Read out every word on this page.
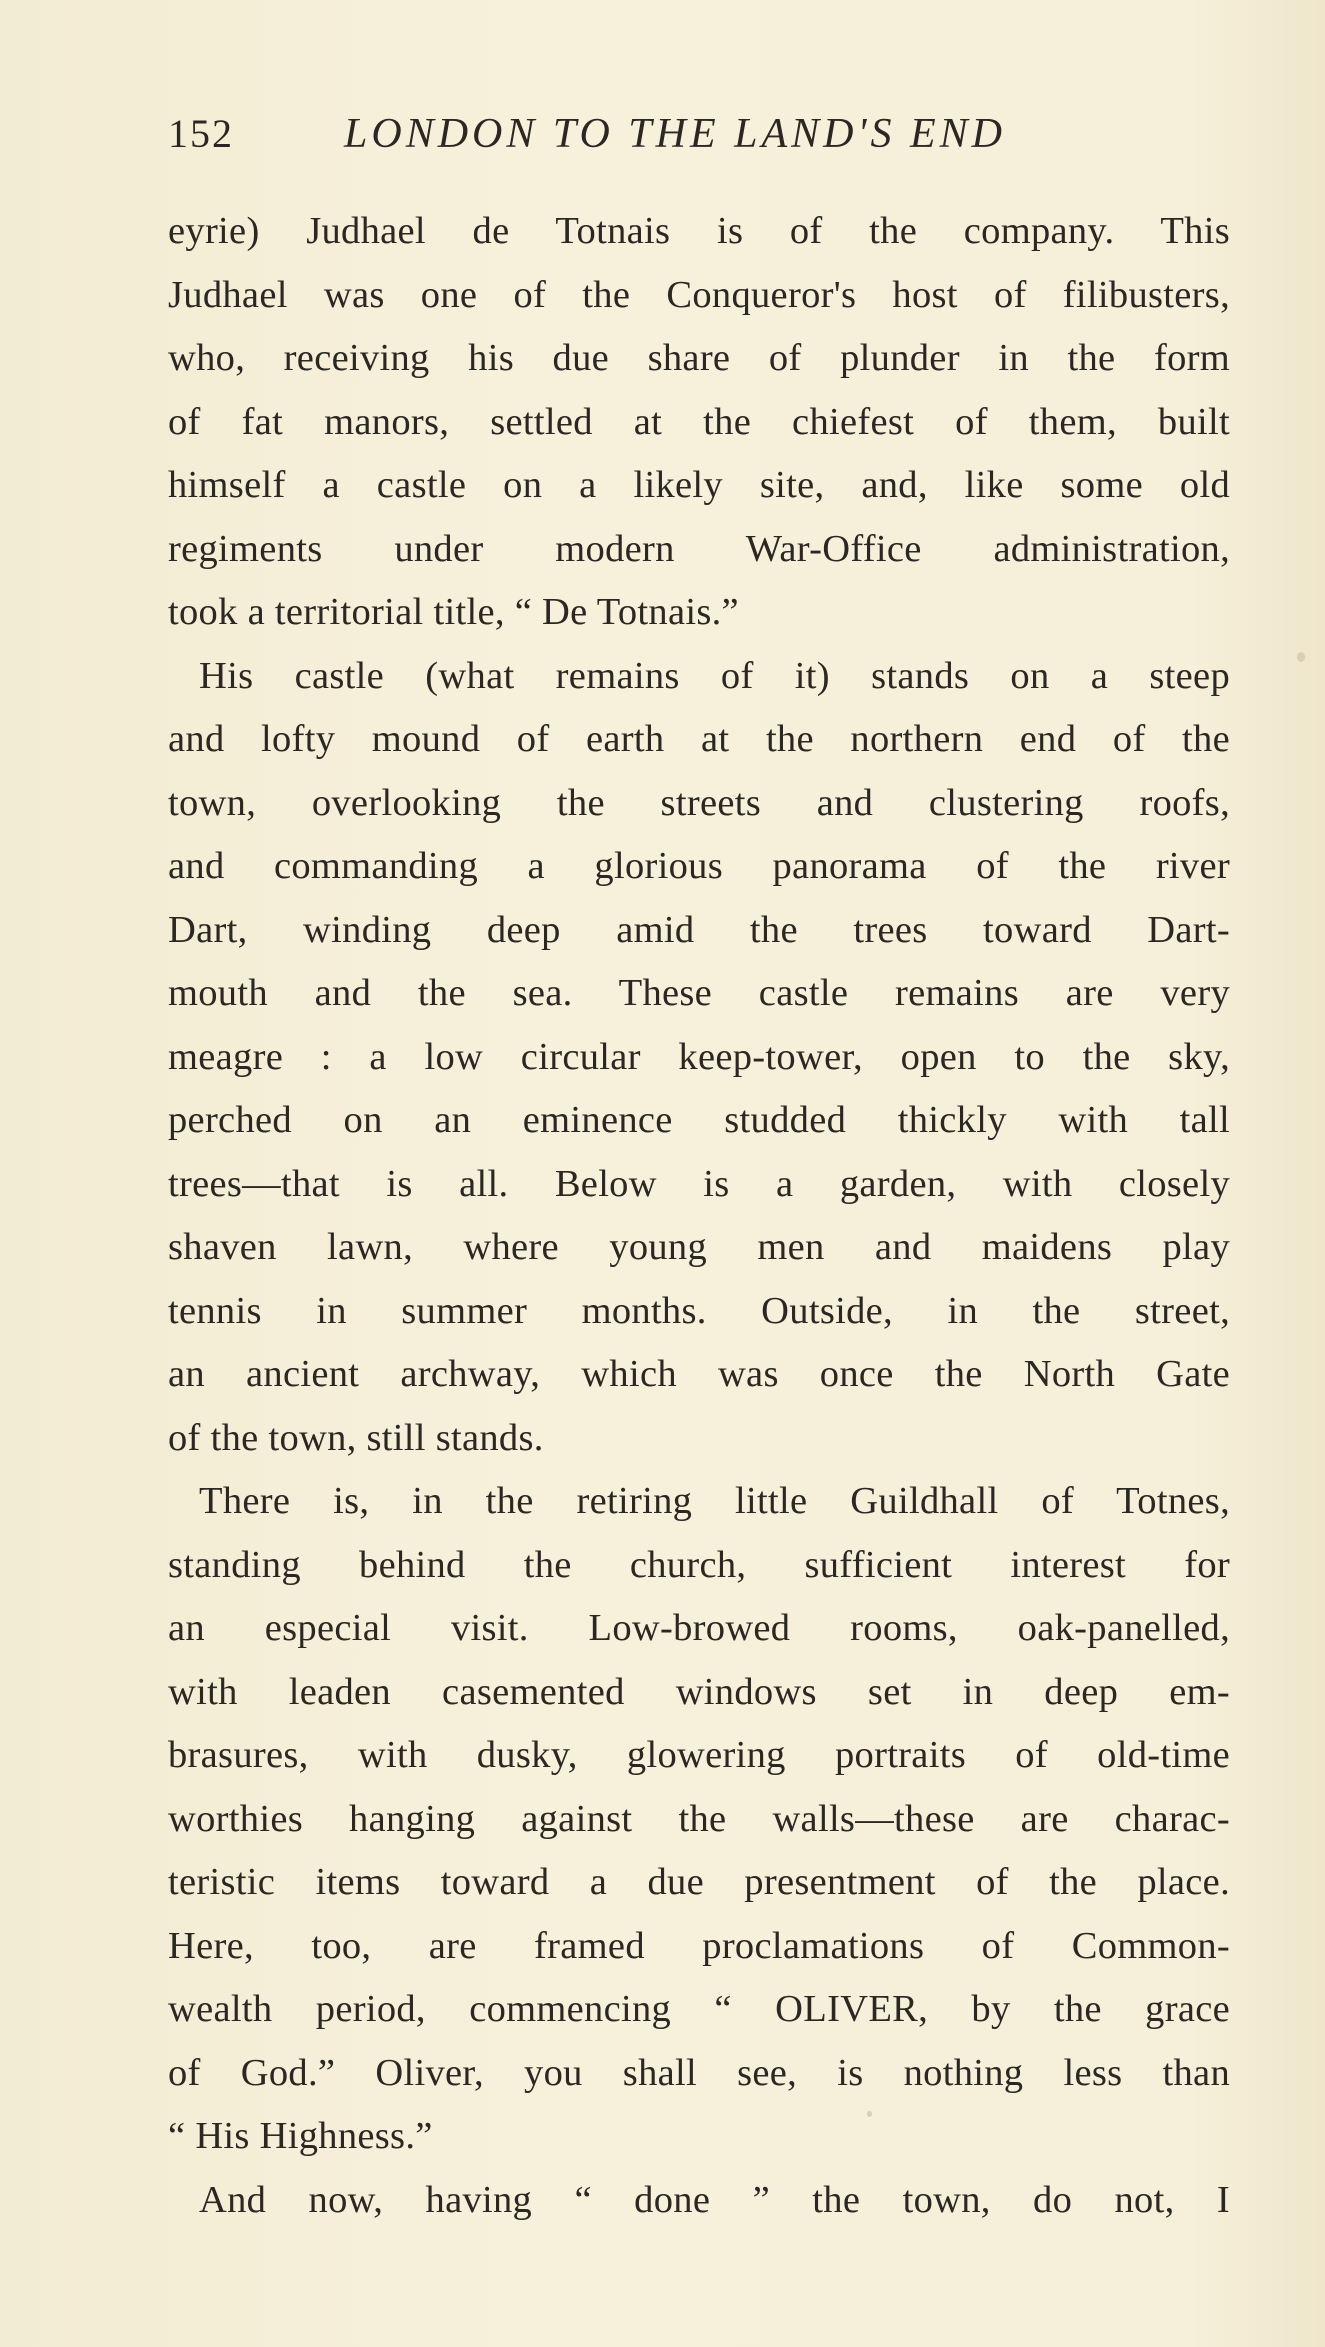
152	LONDON TO THE LAND'S END
eyrie) Judhael de Totnais is of the company. This
Judhael was one of the Conqueror's host of filibusters,
who, receiving his due share of plunder in the form
of fat manors, settled at the chiefest of them, built
himself a castle on a likely site, and, like some old
regiments under modern War-Office administration,
took a territorial title, “ De Totnais.”
His castle (what remains of it) stands on a steep
and lofty mound of earth at the northern end of the
town, overlooking the streets and clustering roofs,
and commanding a glorious panorama of the river
Dart, winding deep amid the trees toward Dart-
mouth and the sea. These castle remains are very
meagre : a low circular keep-tower, open to the sky,
perched on an eminence studded thickly with tall
trees—that is all. Below is a garden, with closely
shaven lawn, where young men and maidens play
tennis in summer months. Outside, in the street,
an ancient archway, which was once the North Gate
of the town, still stands.
There is, in the retiring little Guildhall of Totnes,
standing behind the church, sufficient interest for
an especial visit. Low-browed rooms, oak-panelled,
with leaden casemented windows set in deep em-
brasures, with dusky, glowering portraits of old-time
worthies hanging against the walls—these are charac-
teristic items toward a due presentment of the place.
Here, too, are framed proclamations of Common-
wealth period, commencing “ OLIVER, by the grace
of God.” Oliver, you shall see, is nothing less than
“ His Highness.”
And now, having “ done ” the town, do not, I
